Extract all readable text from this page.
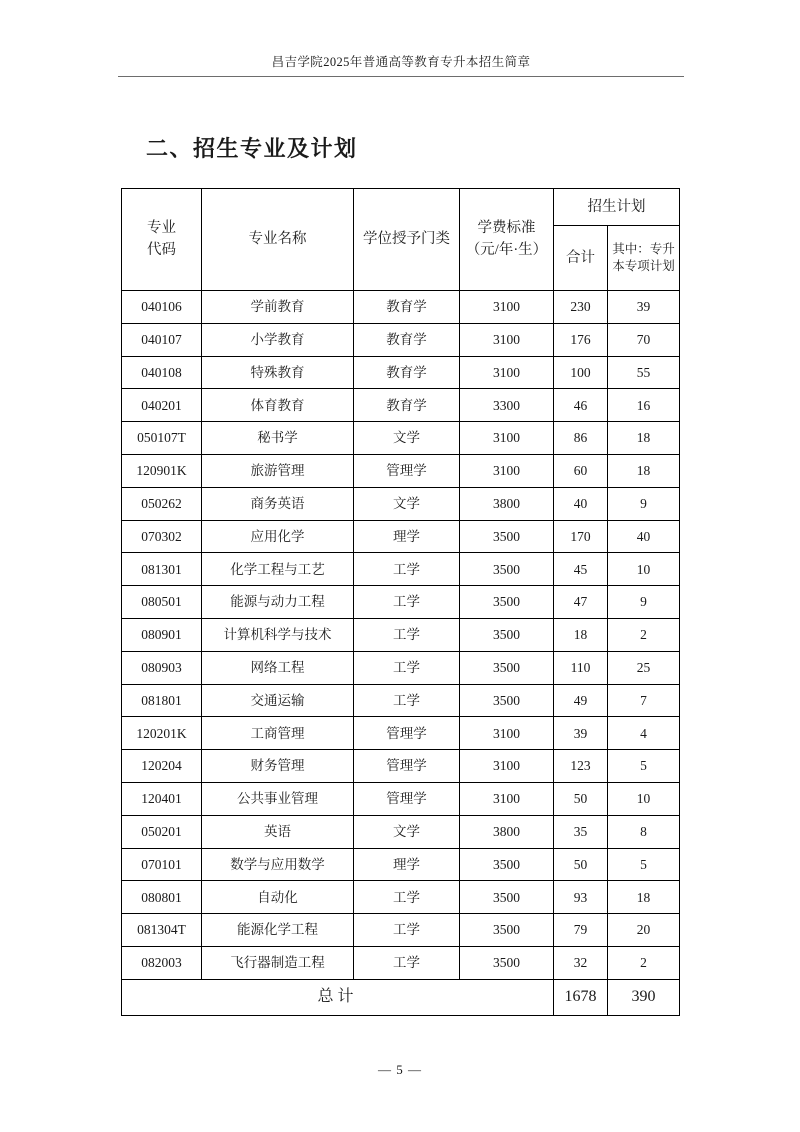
昌吉学院2025年普通高等教育专升本招生简章
二、招生专业及计划
专业
代码
	专业名称	学位授予门类	
学费标准
（元/年·生）
	招生计划
				合计	其中：专升本专项计划

040106	学前教育	教育学	3100	230	39
040107	小学教育	教育学	3100	176	70
040108	特殊教育	教育学	3100	100	55
040201	体育教育	教育学	3300	46	16
050107T	秘书学	文学	3100	86	18
120901K	旅游管理	管理学	3100	60	18
050262	商务英语	文学	3800	40	9
070302	应用化学	理学	3500	170	40
081301	化学工程与工艺	工学	3500	45	10
080501	能源与动力工程	工学	3500	47	9
080901	计算机科学与技术	工学	3500	18	2
080903	网络工程	工学	3500	110	25
081801	交通运输	工学	3500	49	7
120201K	工商管理	管理学	3100	39	4
120204	财务管理	管理学	3100	123	5
120401	公共事业管理	管理学	3100	50	10
050201	英语	文学	3800	35	8
070101	数学与应用数学	理学	3500	50	5
080801	自动化	工学	3500	93	18
081304T	能源化学工程	工学	3500	79	20
082003	飞行器制造工程	工学	3500	32	2
总计				1678	390
— 5 —
